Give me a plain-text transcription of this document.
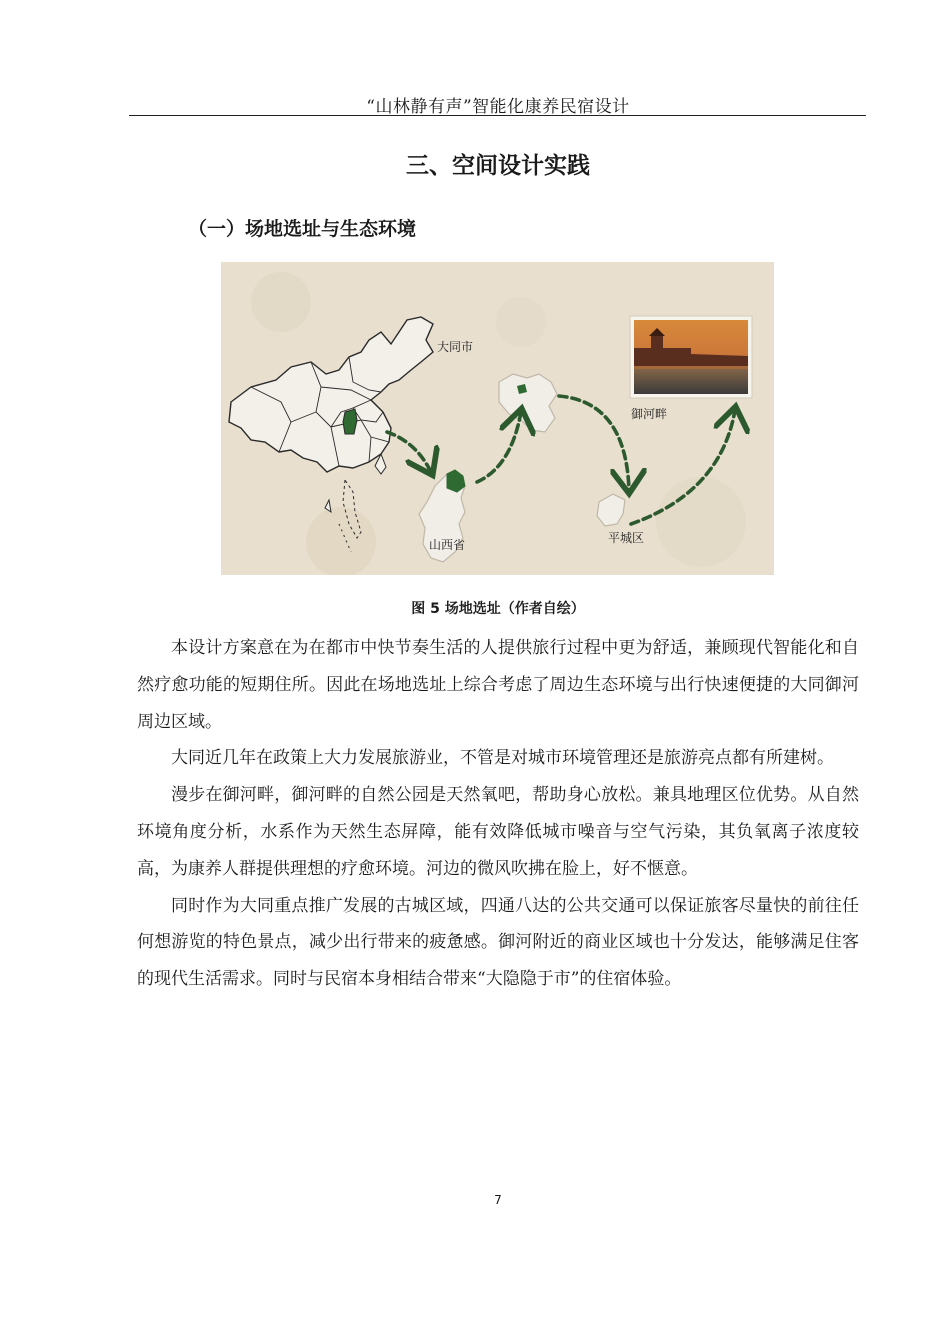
“山林静有声”智能化康养民宿设计
三、空间设计实践
（一）场地选址与生态环境
大同市
山西省
御河畔
平城区
图 5 场地选址（作者自绘）

本设计方案意在为在都市中快节奏生活的人提供旅行过程中更为舒适，兼顾现代智能化和自然疗愈功能的短期住所。因此在场地选址上综合考虑了周边生态环境与出行快速便捷的大同御河周边区域。

大同近几年在政策上大力发展旅游业，不管是对城市环境管理还是旅游亮点都有所建树。

漫步在御河畔，御河畔的自然公园是天然氧吧，帮助身心放松。兼具地理区位优势。从自然环境角度分析，水系作为天然生态屏障，能有效降低城市噪音与空气污染，其负氧离子浓度较高，为康养人群提供理想的疗愈环境。河边的微风吹拂在脸上，好不惬意。

同时作为大同重点推广发展的古城区域，四通八达的公共交通可以保证旅客尽量快的前往任何想游览的特色景点，减少出行带来的疲惫感。御河附近的商业区域也十分发达，能够满足住客的现代生活需求。同时与民宿本身相结合带来“大隐隐于市”的住宿体验。

7
